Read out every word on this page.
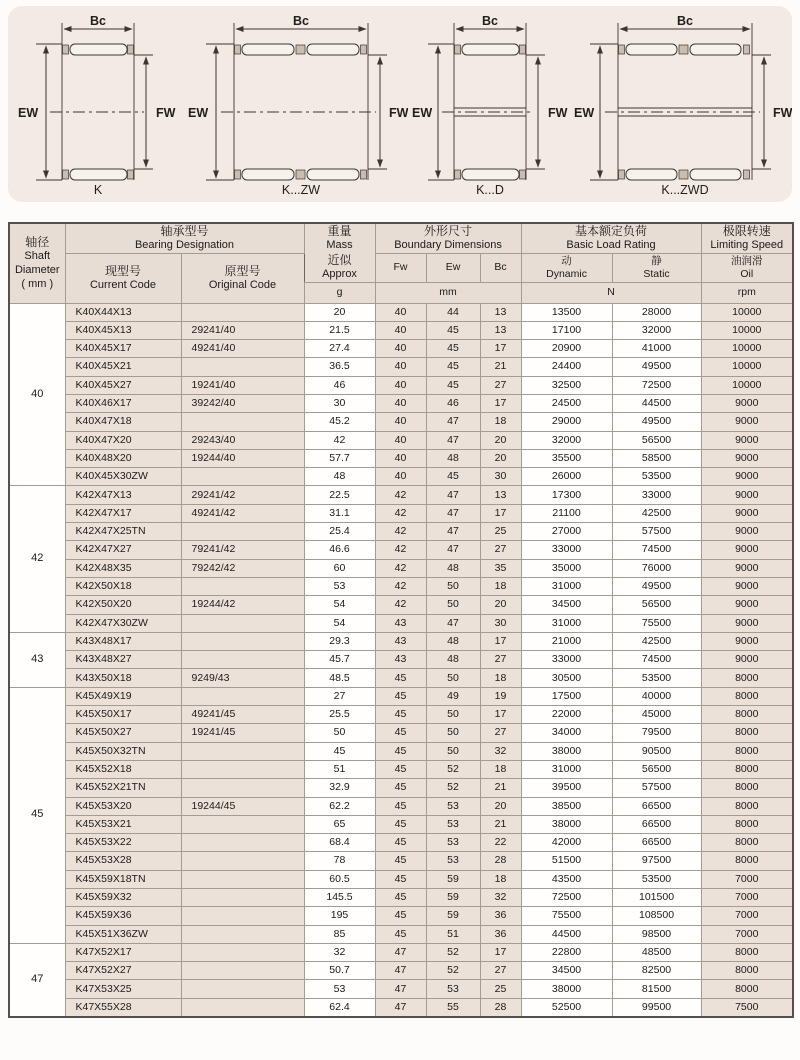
EW
Bc
FW
K
EW
Bc
FW
K...ZW
EW
Bc
FW
K...D
EW
Bc
FW
K...ZWD
轴径
Shaft
Diameter
( mm )

轴承型号
Bearing Designation

重量
Mass
近似
Approx

外形尺寸
Boundary Dimensions

基本额定负荷
Basic Load Rating

极限转速
Limiting Speed

现型号
Current Code

原型号
Original Code
	Fw	Ew	Bc	
动
Dynamic

静
Static

油润滑
Oil

			g	mm			N		rpm
40	K40X44X13		20	40	44	13	13500	28000	10000
	K40X45X13	29241/40	21.5	40	45	13	17100	32000	10000
	K40X45X17	49241/40	27.4	40	45	17	20900	41000	10000
	K40X45X21		36.5	40	45	21	24400	49500	10000
	K40X45X27	19241/40	46	40	45	27	32500	72500	10000
	K40X46X17	39242/40	30	40	46	17	24500	44500	9000
	K40X47X18		45.2	40	47	18	29000	49500	9000
	K40X47X20	29243/40	42	40	47	20	32000	56500	9000
	K40X48X20	19244/40	57.7	40	48	20	35500	58500	9000
	K40X45X30ZW		48	40	45	30	26000	53500	9000
42	K42X47X13	29241/42	22.5	42	47	13	17300	33000	9000
	K42X47X17	49241/42	31.1	42	47	17	21100	42500	9000
	K42X47X25TN		25.4	42	47	25	27000	57500	9000
	K42X47X27	79241/42	46.6	42	47	27	33000	74500	9000
	K42X48X35	79242/42	60	42	48	35	35000	76000	9000
	K42X50X18		53	42	50	18	31000	49500	9000
	K42X50X20	19244/42	54	42	50	20	34500	56500	9000
	K42X47X30ZW		54	43	47	30	31000	75500	9000
43	K43X48X17		29.3	43	48	17	21000	42500	9000
	K43X48X27		45.7	43	48	27	33000	74500	9000
	K43X50X18	9249/43	48.5	45	50	18	30500	53500	8000
45	K45X49X19		27	45	49	19	17500	40000	8000
	K45X50X17	49241/45	25.5	45	50	17	22000	45000	8000
	K45X50X27	19241/45	50	45	50	27	34000	79500	8000
	K45X50X32TN		45	45	50	32	38000	90500	8000
	K45X52X18		51	45	52	18	31000	56500	8000
	K45X52X21TN		32.9	45	52	21	39500	57500	8000
	K45X53X20	19244/45	62.2	45	53	20	38500	66500	8000
	K45X53X21		65	45	53	21	38000	66500	8000
	K45X53X22		68.4	45	53	22	42000	66500	8000
	K45X53X28		78	45	53	28	51500	97500	8000
	K45X59X18TN		60.5	45	59	18	43500	53500	7000
	K45X59X32		145.5	45	59	32	72500	101500	7000
	K45X59X36		195	45	59	36	75500	108500	7000
	K45X51X36ZW		85	45	51	36	44500	98500	7000
47	K47X52X17		32	47	52	17	22800	48500	8000
	K47X52X27		50.7	47	52	27	34500	82500	8000
	K47X53X25		53	47	53	25	38000	81500	8000
	K47X55X28		62.4	47	55	28	52500	99500	7500
